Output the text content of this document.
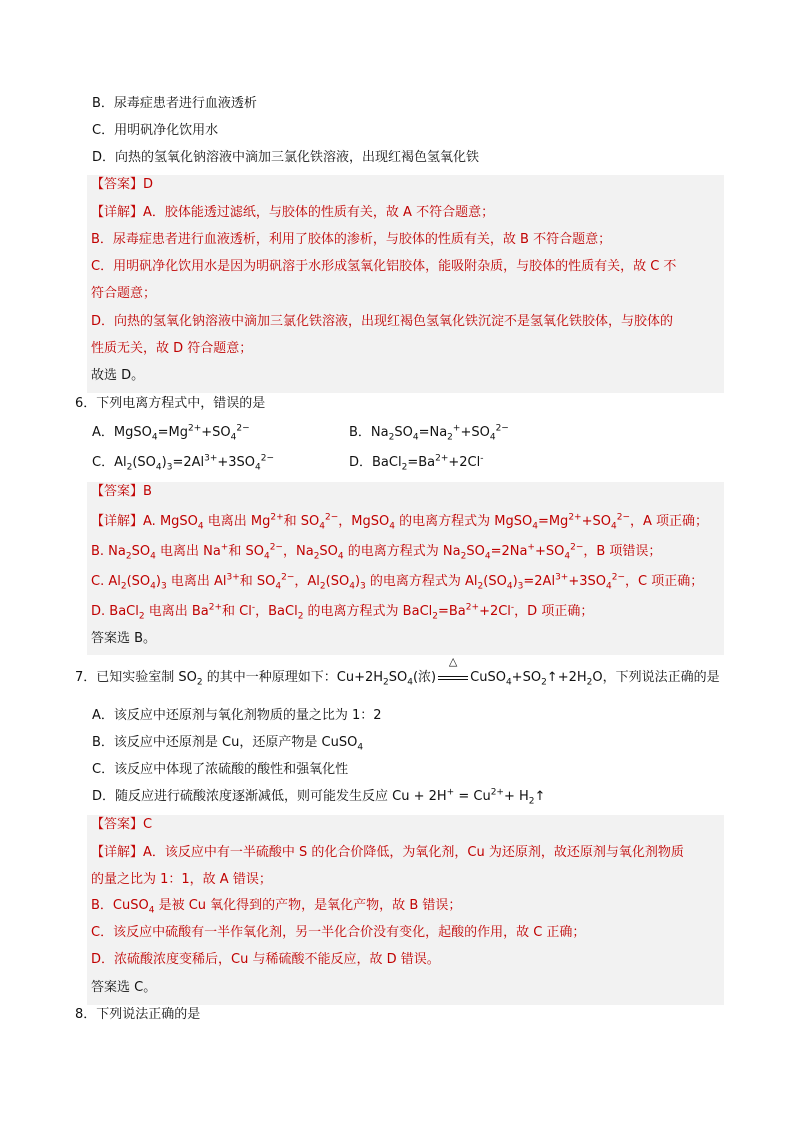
B．尿毒症患者进行血液透析
C．用明矾净化饮用水
D．向热的氢氧化钠溶液中滴加三氯化铁溶液，出现红褐色氢氧化铁
【答案】D
【详解】A．胶体能透过滤纸，与胶体的性质有关，故 A 不符合题意；
B．尿毒症患者进行血液透析，利用了胶体的渗析，与胶体的性质有关，故 B 不符合题意；
C．用明矾净化饮用水是因为明矾溶于水形成氢氧化铝胶体，能吸附杂质，与胶体的性质有关，故 C 不
符合题意；
D．向热的氢氧化钠溶液中滴加三氯化铁溶液，出现红褐色氢氧化铁沉淀不是氢氧化铁胶体，与胶体的
性质无关，故 D 符合题意；
故选 D。
6．下列电离方程式中，错误的是
A．$MgSO_4=Mg^{2+}+SO_4^{2-}$	B．$Na_2SO_4=Na_2^++SO_4^{2-}$
C．$Al_2(SO_4)_3=2Al^{3+}+3SO_4^{2-}$	D．$BaCl_2=Ba^{2+}+2Cl^-$
【答案】B
【详解】A. MgSO$_4$ 电离出 $Mg^{2+}$和 $SO_4^{2-}$，MgSO$_4$ 的电离方程式为 $MgSO_4=Mg^{2+}+SO_4^{2-}$，A 项正确；
B. $Na_2SO_4$ 电离出 Na+和 $SO_4^{2-}$，$Na_2SO_4$ 的电离方程式为 $Na_2SO_4=2Na^++SO_4^{2-}$，B 项错误；
C. $Al_2(SO_4)_3$ 电离出 $Al^{3+}$和 $SO_4^{2-}$，$Al_2(SO_4)_3$ 的电离方程式为 $Al_2(SO_4)_3=2Al^{3+}+3SO_4^{2-}$，C 项正确；
D. BaCl$_2$ 电离出 $Ba^{2+}$和 Cl-，BaCl$_2$ 的电离方程式为 $BaCl_2=Ba^{2+}+2Cl^-$，D 项正确；
答案选 B。
7．已知实验室制 $SO_2$ 的其中一种原理如下：$Cu+2H_2SO_4$(浓)
△
$CuSO_4+SO_2↑+2H_2O$，下列说法正确的是
A．该反应中还原剂与氧化剂物质的量之比为 1：2
B．该反应中还原剂是 Cu，还原产物是 CuSO$_4$
C．该反应中体现了浓硫酸的酸性和强氧化性
D．随反应进行硫酸浓度逐渐减低，则可能发生反应 $Cu + 2H^+ = Cu^{2+}+$ $H_2↑$
【答案】C
【详解】A．该反应中有一半硫酸中 S 的化合价降低，为氧化剂，Cu 为还原剂，故还原剂与氧化剂物质
的量之比为 1：1，故 A 错误；
B．CuSO$_4$ 是被 Cu 氧化得到的产物，是氧化产物，故 B 错误；
C．该反应中硫酸有一半作氧化剂，另一半化合价没有变化，起酸的作用，故 C 正确；
D．浓硫酸浓度变稀后，Cu 与稀硫酸不能反应，故 D 错误。
答案选 C。
8．下列说法正确的是
